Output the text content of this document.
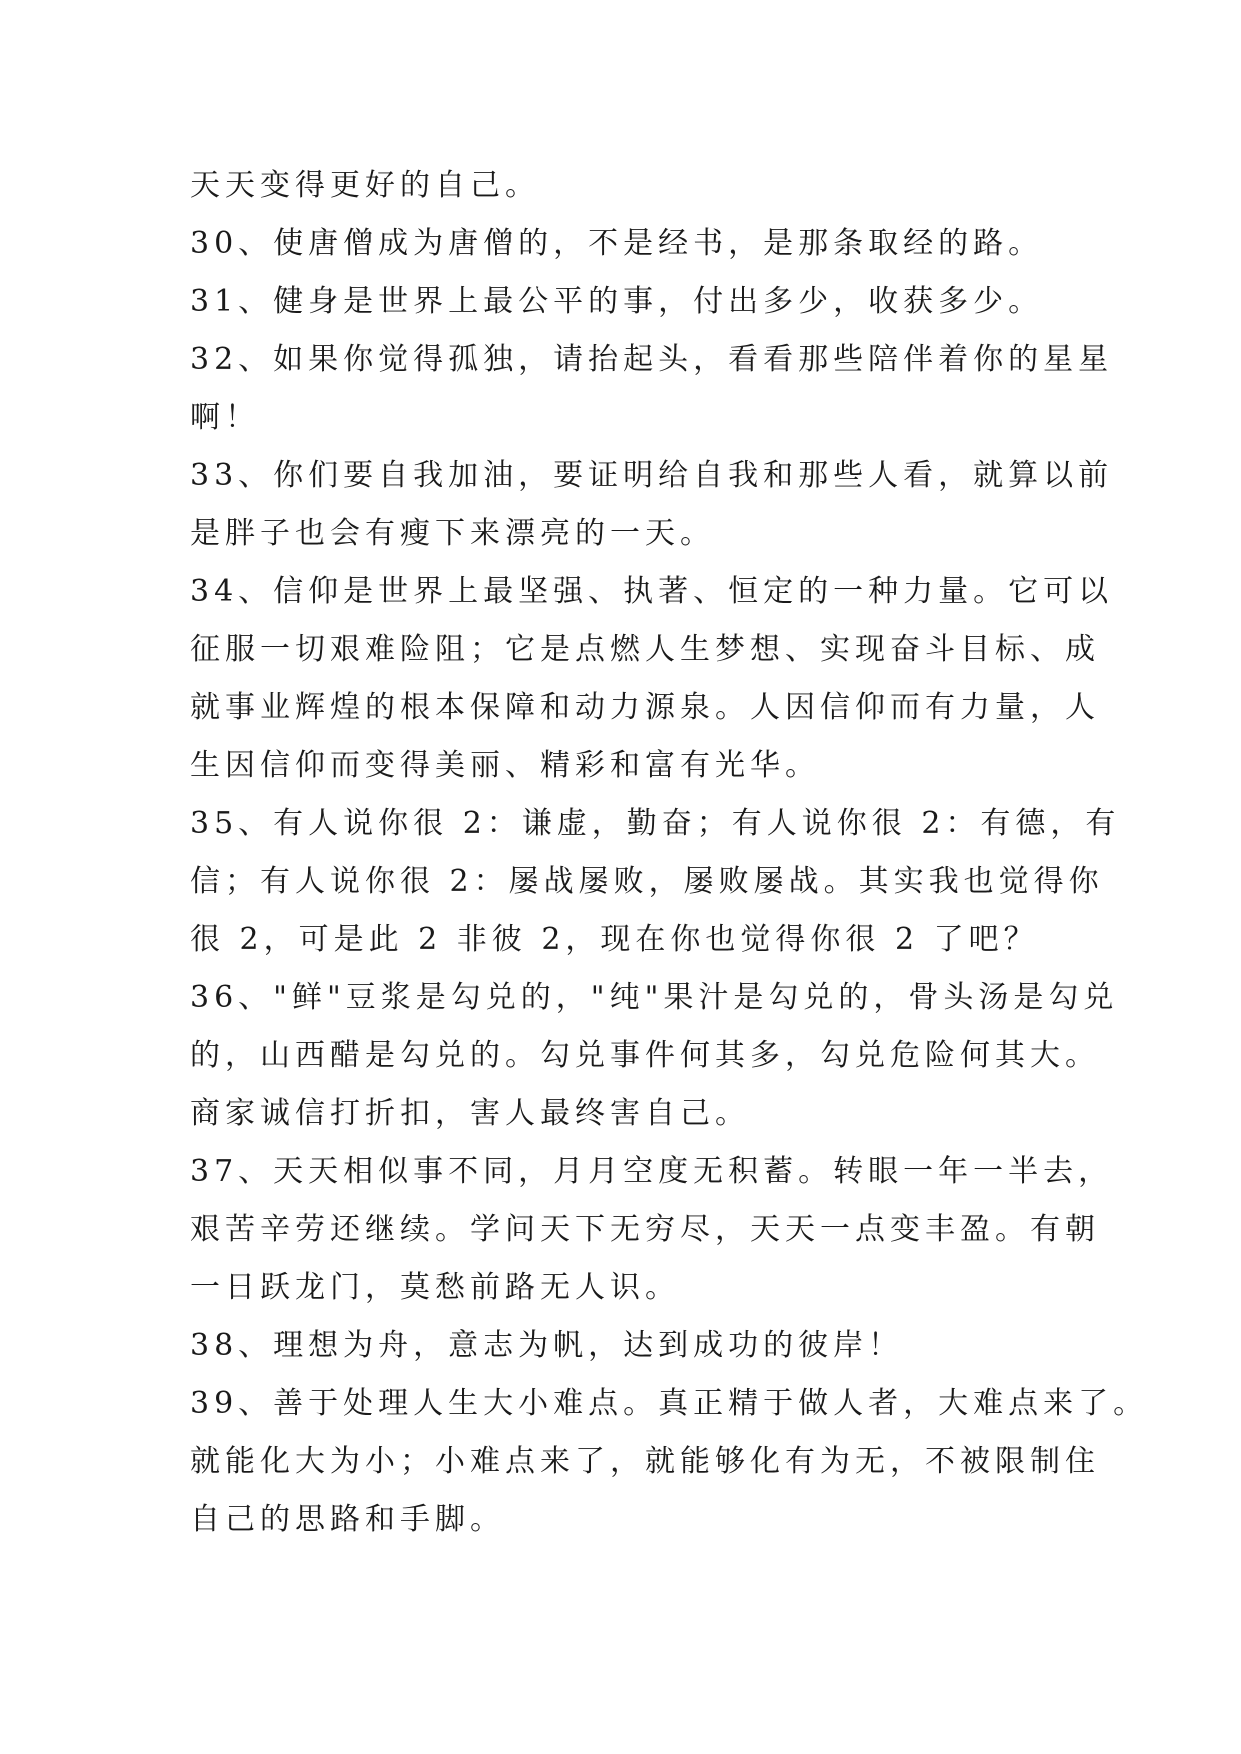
天天变得更好的自己。
30、使唐僧成为唐僧的，不是经书，是那条取经的路。
31、健身是世界上最公平的事，付出多少，收获多少。
32、如果你觉得孤独，请抬起头，看看那些陪伴着你的星星
啊！
33、你们要自我加油，要证明给自我和那些人看，就算以前
是胖子也会有瘦下来漂亮的一天。
34、信仰是世界上最坚强、执著、恒定的一种力量。它可以
征服一切艰难险阻；它是点燃人生梦想、实现奋斗目标、成
就事业辉煌的根本保障和动力源泉。人因信仰而有力量，人
生因信仰而变得美丽、精彩和富有光华。
35、有人说你很 2：谦虚，勤奋；有人说你很 2：有德，有
信；有人说你很 2：屡战屡败，屡败屡战。其实我也觉得你
很 2，可是此 2 非彼 2，现在你也觉得你很 2 了吧？
36、"鲜"豆浆是勾兑的，"纯"果汁是勾兑的，骨头汤是勾兑
的，山西醋是勾兑的。勾兑事件何其多，勾兑危险何其大。
商家诚信打折扣，害人最终害自己。
37、天天相似事不同，月月空度无积蓄。转眼一年一半去，
艰苦辛劳还继续。学问天下无穷尽，天天一点变丰盈。有朝
一日跃龙门，莫愁前路无人识。
38、理想为舟，意志为帆，达到成功的彼岸！
39、善于处理人生大小难点。真正精于做人者，大难点来了。
就能化大为小；小难点来了，就能够化有为无，不被限制住
自己的思路和手脚。
